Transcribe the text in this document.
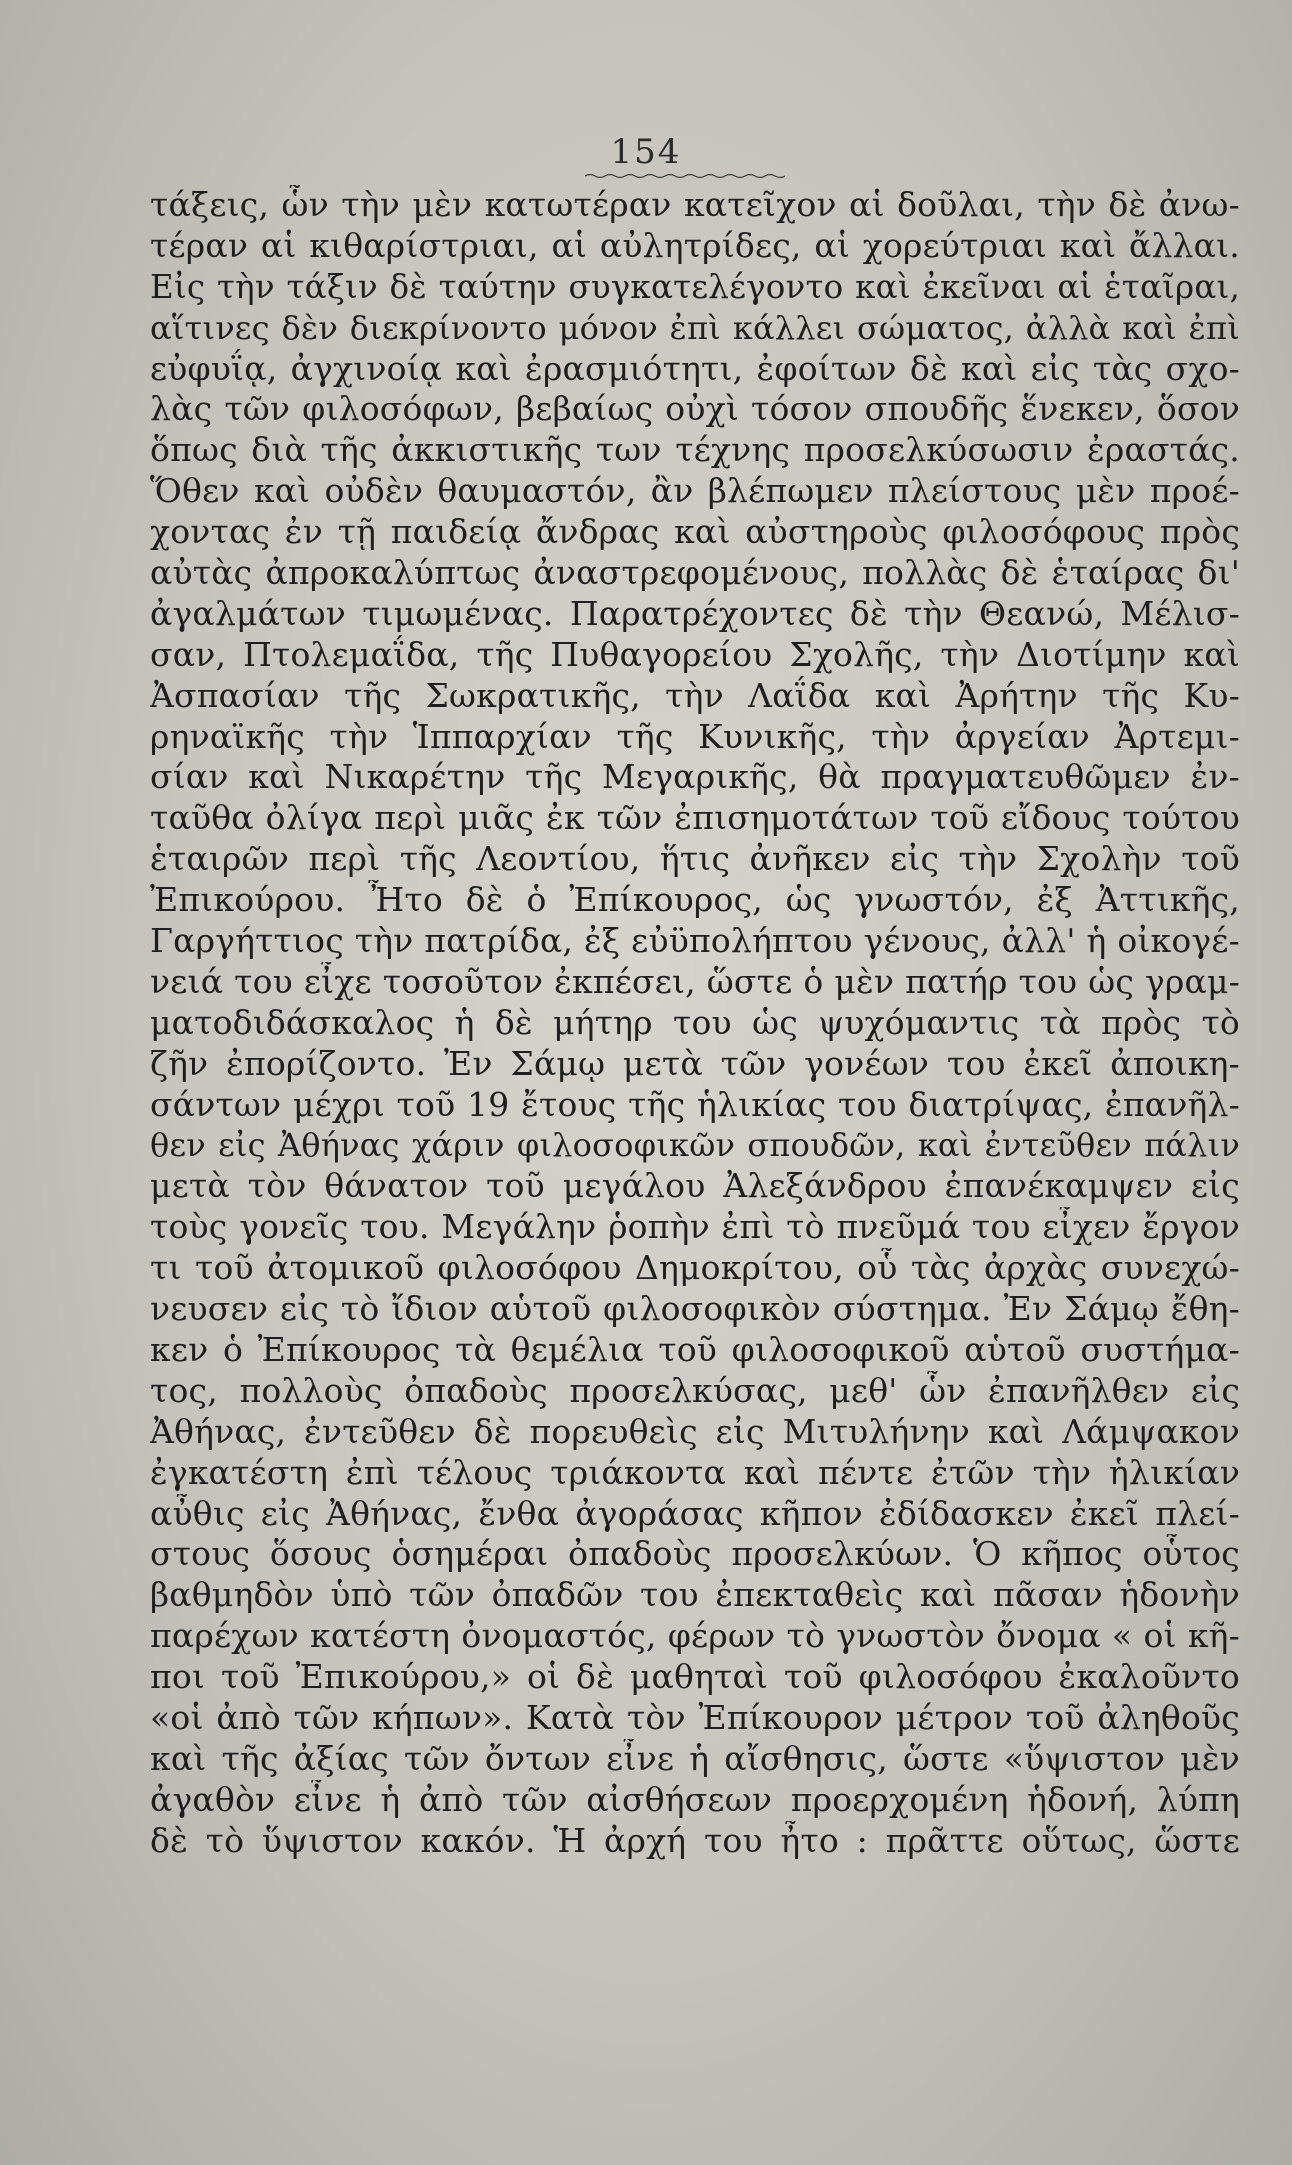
154
τάξεις, ὧν τὴν μὲν κατωτέραν κατεῖχον αἱ δοῦλαι, τὴν δὲ ἀνω-
τέραν αἱ κιθαρίστριαι, αἱ αὐλητρίδες, αἱ χορεύτριαι καὶ ἄλλαι.
Εἰς τὴν τάξιν δὲ ταύτην συγκατελέγοντο καὶ ἐκεῖναι αἱ ἑταῖραι,
αἵτινες δὲν διεκρίνοντο μόνον ἐπὶ κάλλει σώματος, ἀλλὰ καὶ ἐπὶ
εὐφυΐᾳ, ἀγχινοίᾳ καὶ ἐρασμιότητι, ἐφοίτων δὲ καὶ εἰς τὰς σχο-
λὰς τῶν φιλοσόφων, βεβαίως οὐχὶ τόσον σπουδῆς ἕνεκεν, ὅσον
ὅπως διὰ τῆς ἀκκιστικῆς των τέχνης προσελκύσωσιν ἐραστάς.
Ὅθεν καὶ οὐδὲν θαυμαστόν, ἂν βλέπωμεν πλείστους μὲν προέ-
χοντας ἐν τῇ παιδείᾳ ἄνδρας καὶ αὐστηροὺς φιλοσόφους πρὸς
αὐτὰς ἀπροκαλύπτως ἀναστρεφομένους, πολλὰς δὲ ἑταίρας δι'
ἀγαλμάτων τιμωμένας. Παρατρέχοντες δὲ τὴν Θεανώ, Μέλισ-
σαν, Πτολεμαΐδα, τῆς Πυθαγορείου Σχολῆς, τὴν Διοτίμην καὶ
Ἀσπασίαν τῆς Σωκρατικῆς, τὴν Λαΐδα καὶ Ἀρήτην τῆς Κυ-
ρηναϊκῆς τὴν Ἱππαρχίαν τῆς Κυνικῆς, τὴν ἀργείαν Ἀρτεμι-
σίαν καὶ Νικαρέτην τῆς Μεγαρικῆς, θὰ πραγματευθῶμεν ἐν-
ταῦθα ὀλίγα περὶ μιᾶς ἐκ τῶν ἐπισημοτάτων τοῦ εἴδους τούτου
ἑταιρῶν περὶ τῆς Λεοντίου, ἥτις ἀνῆκεν εἰς τὴν Σχολὴν τοῦ
Ἐπικούρου. Ἦτο δὲ ὁ Ἐπίκουρος, ὡς γνωστόν, ἐξ Ἀττικῆς,
Γαργήττιος τὴν πατρίδα, ἐξ εὐϋπολήπτου γένους, ἀλλ' ἡ οἰκογέ-
νειά του εἶχε τοσοῦτον ἐκπέσει, ὥστε ὁ μὲν πατήρ του ὡς γραμ-
ματοδιδάσκαλος ἡ δὲ μήτηρ του ὡς ψυχόμαντις τὰ πρὸς τὸ
ζῆν ἐπορίζοντο. Ἐν Σάμῳ μετὰ τῶν γονέων του ἐκεῖ ἀποικη-
σάντων μέχρι τοῦ 19 ἔτους τῆς ἡλικίας του διατρίψας, ἐπανῆλ-
θεν εἰς Ἀθήνας χάριν φιλοσοφικῶν σπουδῶν, καὶ ἐντεῦθεν πάλιν
μετὰ τὸν θάνατον τοῦ μεγάλου Ἀλεξάνδρου ἐπανέκαμψεν εἰς
τοὺς γονεῖς του. Μεγάλην ῥοπὴν ἐπὶ τὸ πνεῦμά του εἶχεν ἔργον
τι τοῦ ἀτομικοῦ φιλοσόφου Δημοκρίτου, οὗ τὰς ἀρχὰς συνεχώ-
νευσεν εἰς τὸ ἴδιον αὑτοῦ φιλοσοφικὸν σύστημα. Ἐν Σάμῳ ἔθη-
κεν ὁ Ἐπίκουρος τὰ θεμέλια τοῦ φιλοσοφικοῦ αὑτοῦ συστήμα-
τος, πολλοὺς ὀπαδοὺς προσελκύσας, μεθ' ὧν ἐπανῆλθεν εἰς
Ἀθήνας, ἐντεῦθεν δὲ πορευθεὶς εἰς Μιτυλήνην καὶ Λάμψακον
ἐγκατέστη ἐπὶ τέλους τριάκοντα καὶ πέντε ἐτῶν τὴν ἡλικίαν
αὖθις εἰς Ἀθήνας, ἔνθα ἀγοράσας κῆπον ἐδίδασκεν ἐκεῖ πλεί-
στους ὅσους ὁσημέραι ὀπαδοὺς προσελκύων. Ὁ κῆπος οὗτος
βαθμηδὸν ὑπὸ τῶν ὀπαδῶν του ἐπεκταθεὶς καὶ πᾶσαν ἡδονὴν
παρέχων κατέστη ὀνομαστός, φέρων τὸ γνωστὸν ὄνομα « οἱ κῆ-
ποι τοῦ Ἐπικούρου,» οἱ δὲ μαθηταὶ τοῦ φιλοσόφου ἐκαλοῦντο
«οἱ ἀπὸ τῶν κήπων». Κατὰ τὸν Ἐπίκουρον μέτρον τοῦ ἀληθοῦς
καὶ τῆς ἀξίας τῶν ὄντων εἶνε ἡ αἴσθησις, ὥστε «ὕψιστον μὲν
ἀγαθὸν εἶνε ἡ ἀπὸ τῶν αἰσθήσεων προερχομένη ἡδονή, λύπη
δὲ τὸ ὕψιστον κακόν. Ἡ ἀρχή του ἦτο : πρᾶττε οὕτως, ὥστε
